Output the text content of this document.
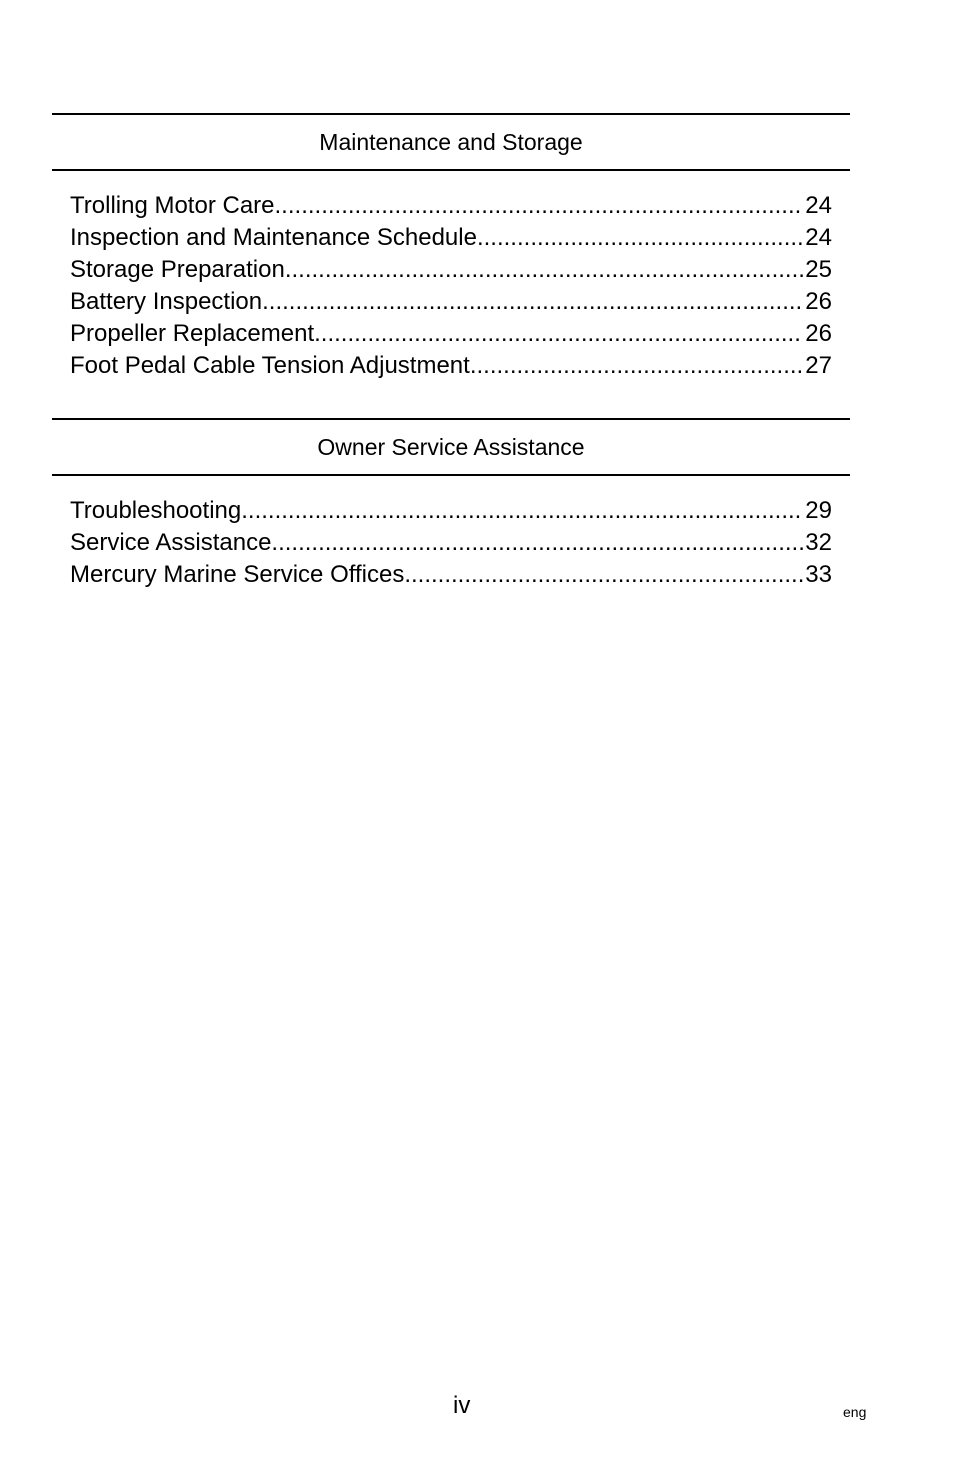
Maintenance and Storage
Trolling Motor Care .....	24
Inspection and Maintenance Schedule .....	24
Storage Preparation .....	25
Battery Inspection .....	26
Propeller Replacement .....	26
Foot Pedal Cable Tension Adjustment .....	27
Owner Service Assistance
Troubleshooting .....	29
Service Assistance .....	32
Mercury Marine Service Offices .....	33
iv	eng
